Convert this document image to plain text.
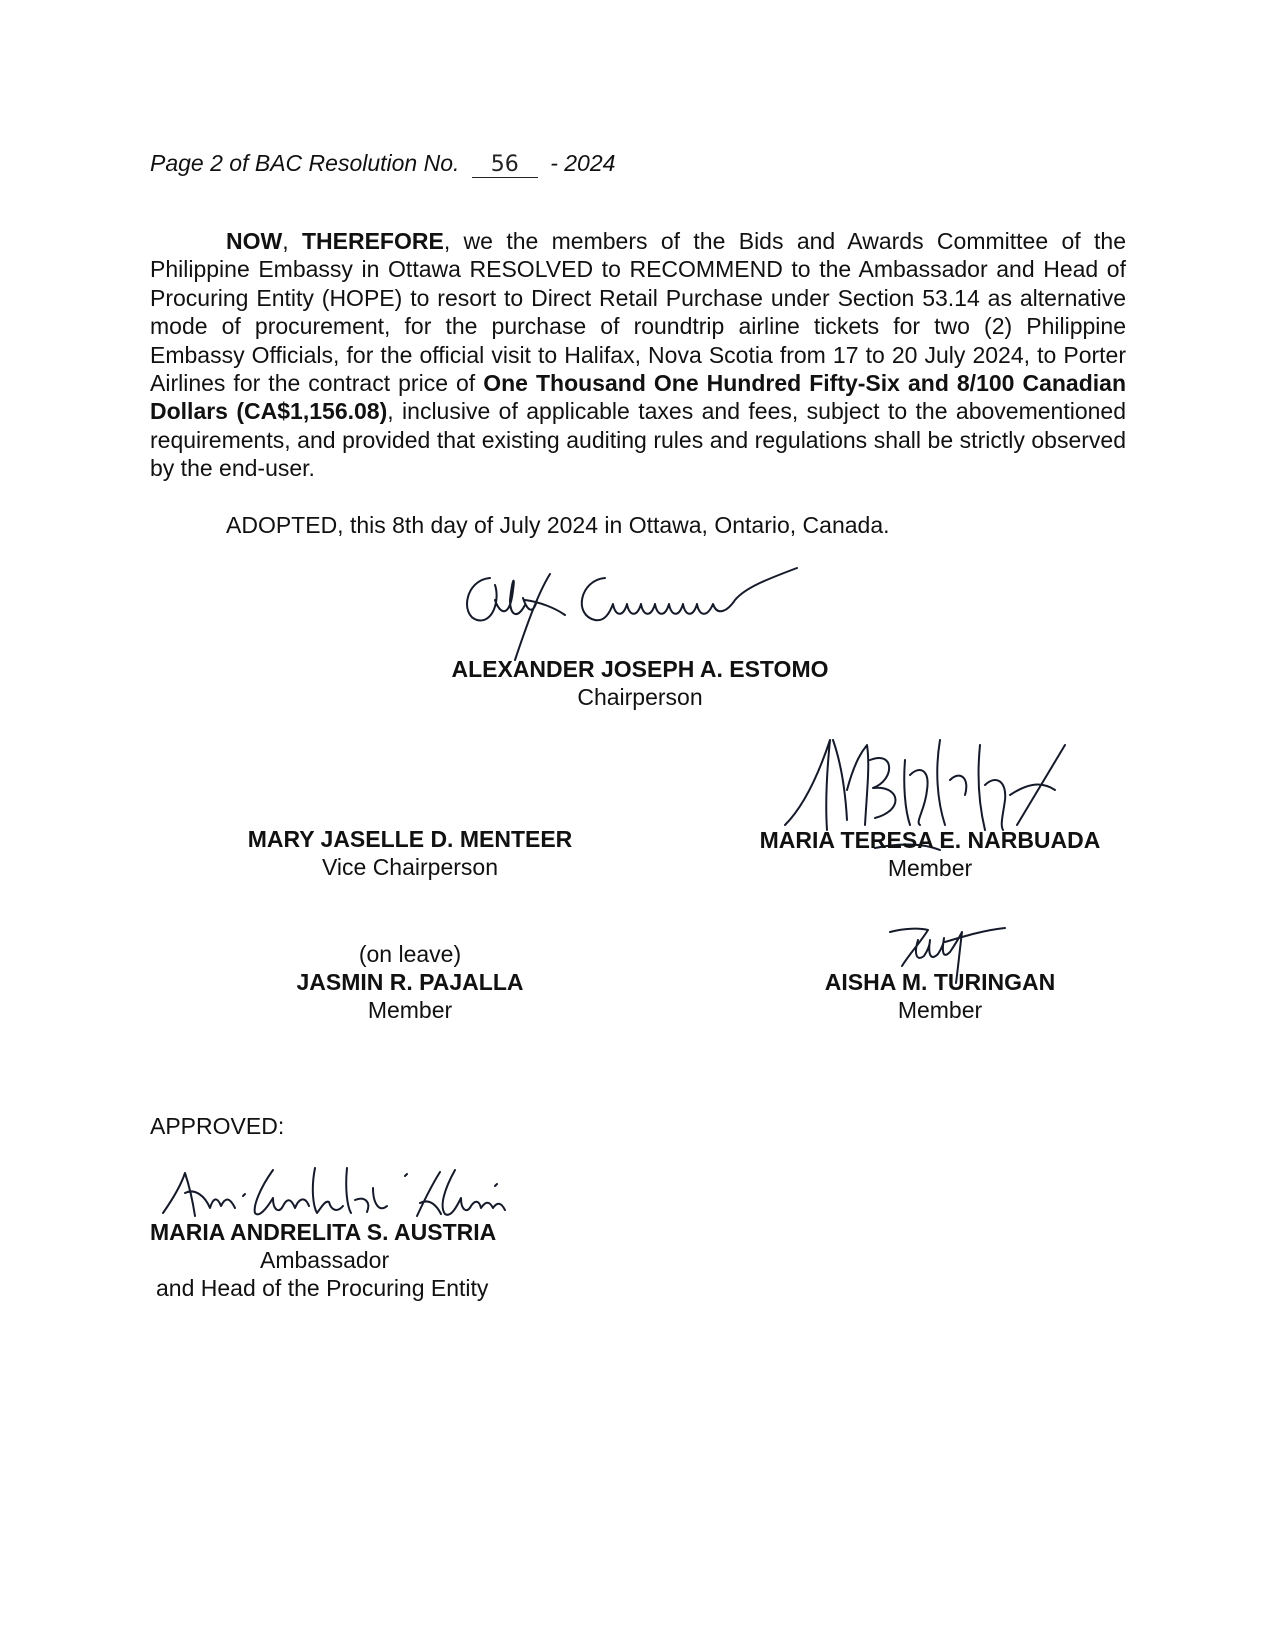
Page 2 of BAC Resolution No. 56 - 2024

NOW, THEREFORE, we the members of the Bids and Awards Committee of the Philippine Embassy in Ottawa RESOLVED to RECOMMEND to the Ambassador and Head of Procuring Entity (HOPE) to resort to Direct Retail Purchase under Section 53.14 as alternative mode of procurement, for the purchase of roundtrip airline tickets for two (2) Philippine Embassy Officials, for the official visit to Halifax, Nova Scotia from 17 to 20 July 2024, to Porter Airlines for the contract price of One Thousand One Hundred Fifty-Six and 8/100 Canadian Dollars (CA$1,156.08), inclusive of applicable taxes and fees, subject to the abovementioned requirements, and provided that existing auditing rules and regulations shall be strictly observed by the end-user.

ADOPTED, this 8th day of July 2024 in Ottawa, Ontario, Canada.

ALEXANDER JOSEPH A. ESTOMO
Chairperson
MARY JASELLE D. MENTEER
Vice Chairperson
MARIA TERESA E. NARBUADA
Member
(on leave)
JASMIN R. PAJALLA
Member
AISHA M. TURINGAN
Member

APPROVED:

MARIA ANDRELITA S. AUSTRIA
Ambassador
and Head of the Procuring Entity
